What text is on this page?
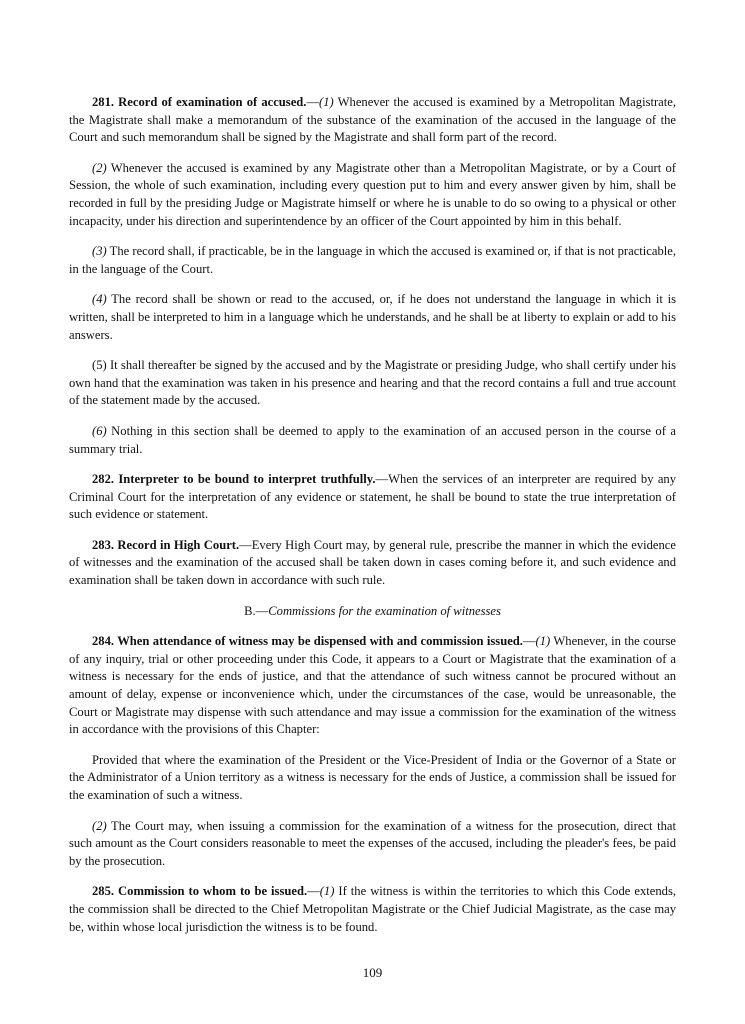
281. Record of examination of accused.—(1) Whenever the accused is examined by a Metropolitan Magistrate, the Magistrate shall make a memorandum of the substance of the examination of the accused in the language of the Court and such memorandum shall be signed by the Magistrate and shall form part of the record.

(2) Whenever the accused is examined by any Magistrate other than a Metropolitan Magistrate, or by a Court of Session, the whole of such examination, including every question put to him and every answer given by him, shall be recorded in full by the presiding Judge or Magistrate himself or where he is unable to do so owing to a physical or other incapacity, under his direction and superintendence by an officer of the Court appointed by him in this behalf.

(3) The record shall, if practicable, be in the language in which the accused is examined or, if that is not practicable, in the language of the Court.

(4) The record shall be shown or read to the accused, or, if he does not understand the language in which it is written, shall be interpreted to him in a language which he understands, and he shall be at liberty to explain or add to his answers.

(5) It shall thereafter be signed by the accused and by the Magistrate or presiding Judge, who shall certify under his own hand that the examination was taken in his presence and hearing and that the record contains a full and true account of the statement made by the accused.

(6) Nothing in this section shall be deemed to apply to the examination of an accused person in the course of a summary trial.

282. Interpreter to be bound to interpret truthfully.—When the services of an interpreter are required by any Criminal Court for the interpretation of any evidence or statement, he shall be bound to state the true interpretation of such evidence or statement.

283. Record in High Court.—Every High Court may, by general rule, prescribe the manner in which the evidence of witnesses and the examination of the accused shall be taken down in cases coming before it, and such evidence and examination shall be taken down in accordance with such rule.

B.—Commissions for the examination of witnesses

284. When attendance of witness may be dispensed with and commission issued.—(1) Whenever, in the course of any inquiry, trial or other proceeding under this Code, it appears to a Court or Magistrate that the examination of a witness is necessary for the ends of justice, and that the attendance of such witness cannot be procured without an amount of delay, expense or inconvenience which, under the circumstances of the case, would be unreasonable, the Court or Magistrate may dispense with such attendance and may issue a commission for the examination of the witness in accordance with the provisions of this Chapter:

Provided that where the examination of the President or the Vice-President of India or the Governor of a State or the Administrator of a Union territory as a witness is necessary for the ends of Justice, a commission shall be issued for the examination of such a witness.

(2) The Court may, when issuing a commission for the examination of a witness for the prosecution, direct that such amount as the Court considers reasonable to meet the expenses of the accused, including the pleader's fees, be paid by the prosecution.

285. Commission to whom to be issued.—(1) If the witness is within the territories to which this Code extends, the commission shall be directed to the Chief Metropolitan Magistrate or the Chief Judicial Magistrate, as the case may be, within whose local jurisdiction the witness is to be found.

109
